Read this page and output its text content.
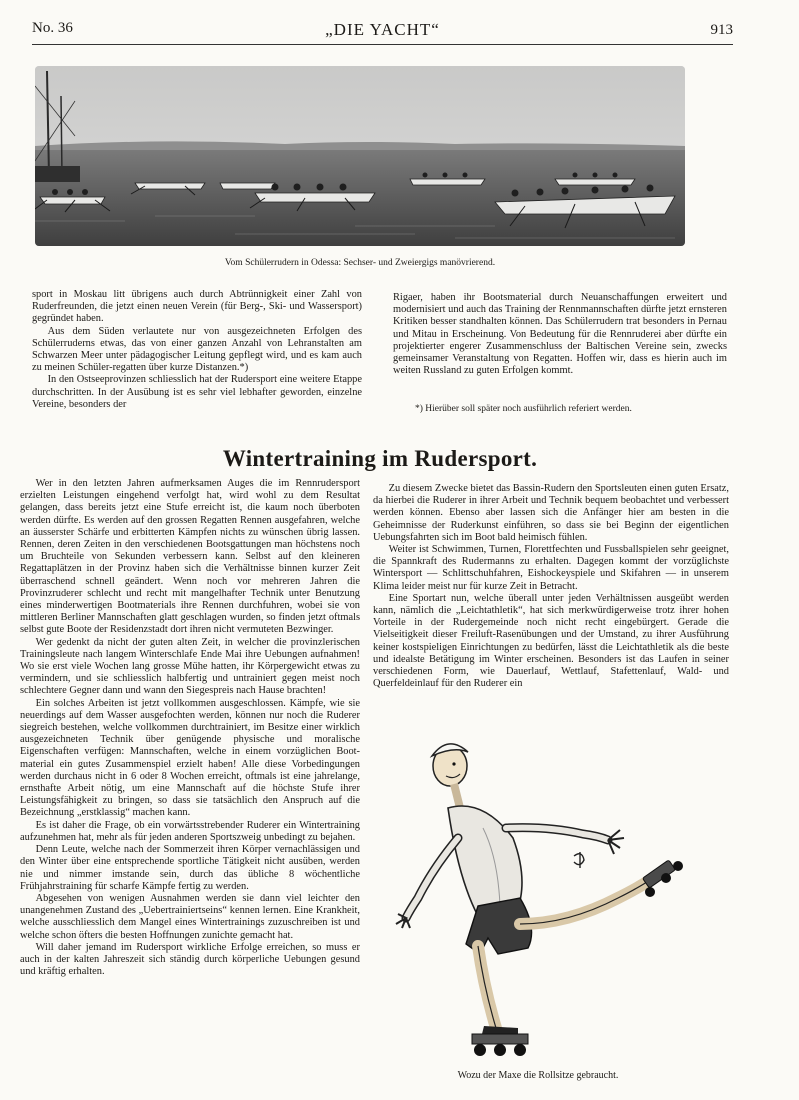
No. 36	„DIE YACHT“	913
Vom Schülerrudern in Odessa: Sechser- und Zweiergigs manövrierend.

sport in Moskau litt übrigens auch durch Abtrünnigkeit einer Zahl von Ruderfreunden, die jetzt einen neuen Verein (für Berg-, Ski- und Wassersport) gegründet haben.

Aus dem Süden verlautete nur von ausgezeichneten Erfolgen des Schülerruderns etwas, das von einer ganzen Anzahl von Lehranstalten am Schwarzen Meer unter pädagogischer Leitung gepflegt wird, und es kam auch zu meinen Schüler-regatten über kurze Distanzen.*)

In den Ostseeprovinzen schliesslich hat der Rudersport eine weitere Etappe durchschritten. In der Ausübung ist es sehr viel lebhafter geworden, einzelne Vereine, besonders der

Rigaer, haben ihr Bootsmaterial durch Neuanschaffungen erweitert und modernisiert und auch das Training der Rennmannschaften dürfte jetzt ernsteren Kritiken besser standhalten können. Das Schülerrudern trat besonders in Pernau und Mitau in Erscheinung. Von Bedeutung für die Rennruderei aber dürfte ein projektierter engerer Zusammenschluss der Baltischen Vereine sein, zwecks gemeinsamer Veranstaltung von Regatten. Hoffen wir, dass es hierin auch im weiten Russland zu guten Erfolgen kommt.

*) Hierüber soll später noch ausführlich referiert werden.
Wintertraining im Rudersport.

Wer in den letzten Jahren aufmerksamen Auges die im Rennrudersport erzielten Leistungen eingehend verfolgt hat, wird wohl zu dem Resultat gelangen, dass bereits jetzt eine Stufe erreicht ist, die kaum noch überboten werden dürfte. Es werden auf den grossen Regatten Rennen ausgefahren, welche an äusserster Schärfe und erbitterten Kämpfen nichts zu wünschen übrig lassen. Rennen, deren Zeiten in den verschiedenen Bootsgattungen man höchstens noch um Bruchteile von Sekunden verbessern kann. Selbst auf den kleineren Regattaplätzen in der Provinz haben sich die Verhältnisse binnen kurzer Zeit überraschend schnell geändert. Wenn noch vor mehreren Jahren die Provinzruderer schlecht und recht mit mangelhafter Technik unter Benutzung eines minderwertigen Bootmaterials ihre Rennen durchfuhren, wobei sie von mittleren Berliner Mannschaften glatt geschlagen wurden, so finden jetzt oftmals selbst gute Boote der Residenzstadt dort ihren nicht vermuteten Bezwinger.

Wer gedenkt da nicht der guten alten Zeit, in welcher die provinzlerischen Trainingsleute nach langem Winterschlafe Ende Mai ihre Uebungen aufnahmen! Wo sie erst viele Wochen lang grosse Mühe hatten, ihr Körpergewicht etwas zu vermindern, und sie schliesslich halbfertig und untrainiert gegen meist noch schlechtere Gegner dann und wann den Siegespreis nach Hause brachten!

Ein solches Arbeiten ist jetzt vollkommen ausgeschlossen. Kämpfe, wie sie neuerdings auf dem Wasser ausgefochten werden, können nur noch die Ruderer siegreich bestehen, welche vollkommen durchtrainiert, im Besitze einer wirklich ausgezeichneten Technik über genügende physische und moralische Eigenschaften verfügen: Mannschaften, welche in einem vorzüglichen Boot-material ein gutes Zusammenspiel erzielt haben! Alle diese Vorbedingungen werden durchaus nicht in 6 oder 8 Wochen erreicht, oftmals ist eine jahrelange, ernsthafte Arbeit nötig, um eine Mannschaft auf die höchste Stufe ihrer Leistungsfähigkeit zu bringen, so dass sie tatsächlich den Anspruch auf die Bezeichnung „erstklassig“ machen kann.

Es ist daher die Frage, ob ein vorwärtsstrebender Ruderer ein Wintertraining aufzunehmen hat, mehr als für jeden anderen Sportszweig unbedingt zu bejahen.

Denn Leute, welche nach der Sommerzeit ihren Körper vernachlässigen und den Winter über eine entsprechende sportliche Tätigkeit nicht ausüben, werden nie und nimmer imstande sein, durch das übliche 8 wöchentliche Frühjahrstraining für scharfe Kämpfe fertig zu werden.

Abgesehen von wenigen Ausnahmen werden sie dann viel leichter den unangenehmen Zustand des „Uebertrainiertseins“ kennen lernen. Eine Krankheit, welche ausschliesslich dem Mangel eines Wintertrainings zuzuschreiben ist und welche schon öfters die besten Hoffnungen zunichte gemacht hat.

Will daher jemand im Rudersport wirkliche Erfolge erreichen, so muss er auch in der kalten Jahreszeit sich ständig durch körperliche Uebungen gesund und kräftig erhalten.

Zu diesem Zwecke bietet das Bassin-Rudern den Sportsleuten einen guten Ersatz, da hierbei die Ruderer in ihrer Arbeit und Technik bequem beobachtet und verbessert werden können. Ebenso aber lassen sich die Anfänger hier am besten in die Geheimnisse der Ruderkunst einführen, so dass sie bei Beginn der eigentlichen Uebungsfahrten sich im Boot bald heimisch fühlen.

Weiter ist Schwimmen, Turnen, Florettfechten und Fussballspielen sehr geeignet, die Spannkraft des Rudermanns zu erhalten. Dagegen kommt der vorzüglichste Wintersport — Schlittschuhfahren, Eishockeyspiele und Skifahren — in unserem Klima leider meist nur für kurze Zeit in Betracht.

Eine Sportart nun, welche überall unter jeden Verhältnissen ausgeübt werden kann, nämlich die „Leichtathletik“, hat sich merkwürdigerweise trotz ihrer hohen Vorteile in der Rudergemeinde noch nicht recht eingebürgert. Gerade die Vielseitigkeit dieser Freiluft-Rasenübungen und der Umstand, zu ihrer Ausführung keiner kostspieligen Einrichtungen zu bedürfen, lässt die Leichtathletik als die beste und idealste Betätigung im Winter erscheinen. Besonders ist das Laufen in seiner verschiedenen Form, wie Dauerlauf, Wettlauf, Stafettenlauf, Wald- und Querfeldeinlauf für den Ruderer ein

Wozu der Maxe die Rollsitze gebraucht.
